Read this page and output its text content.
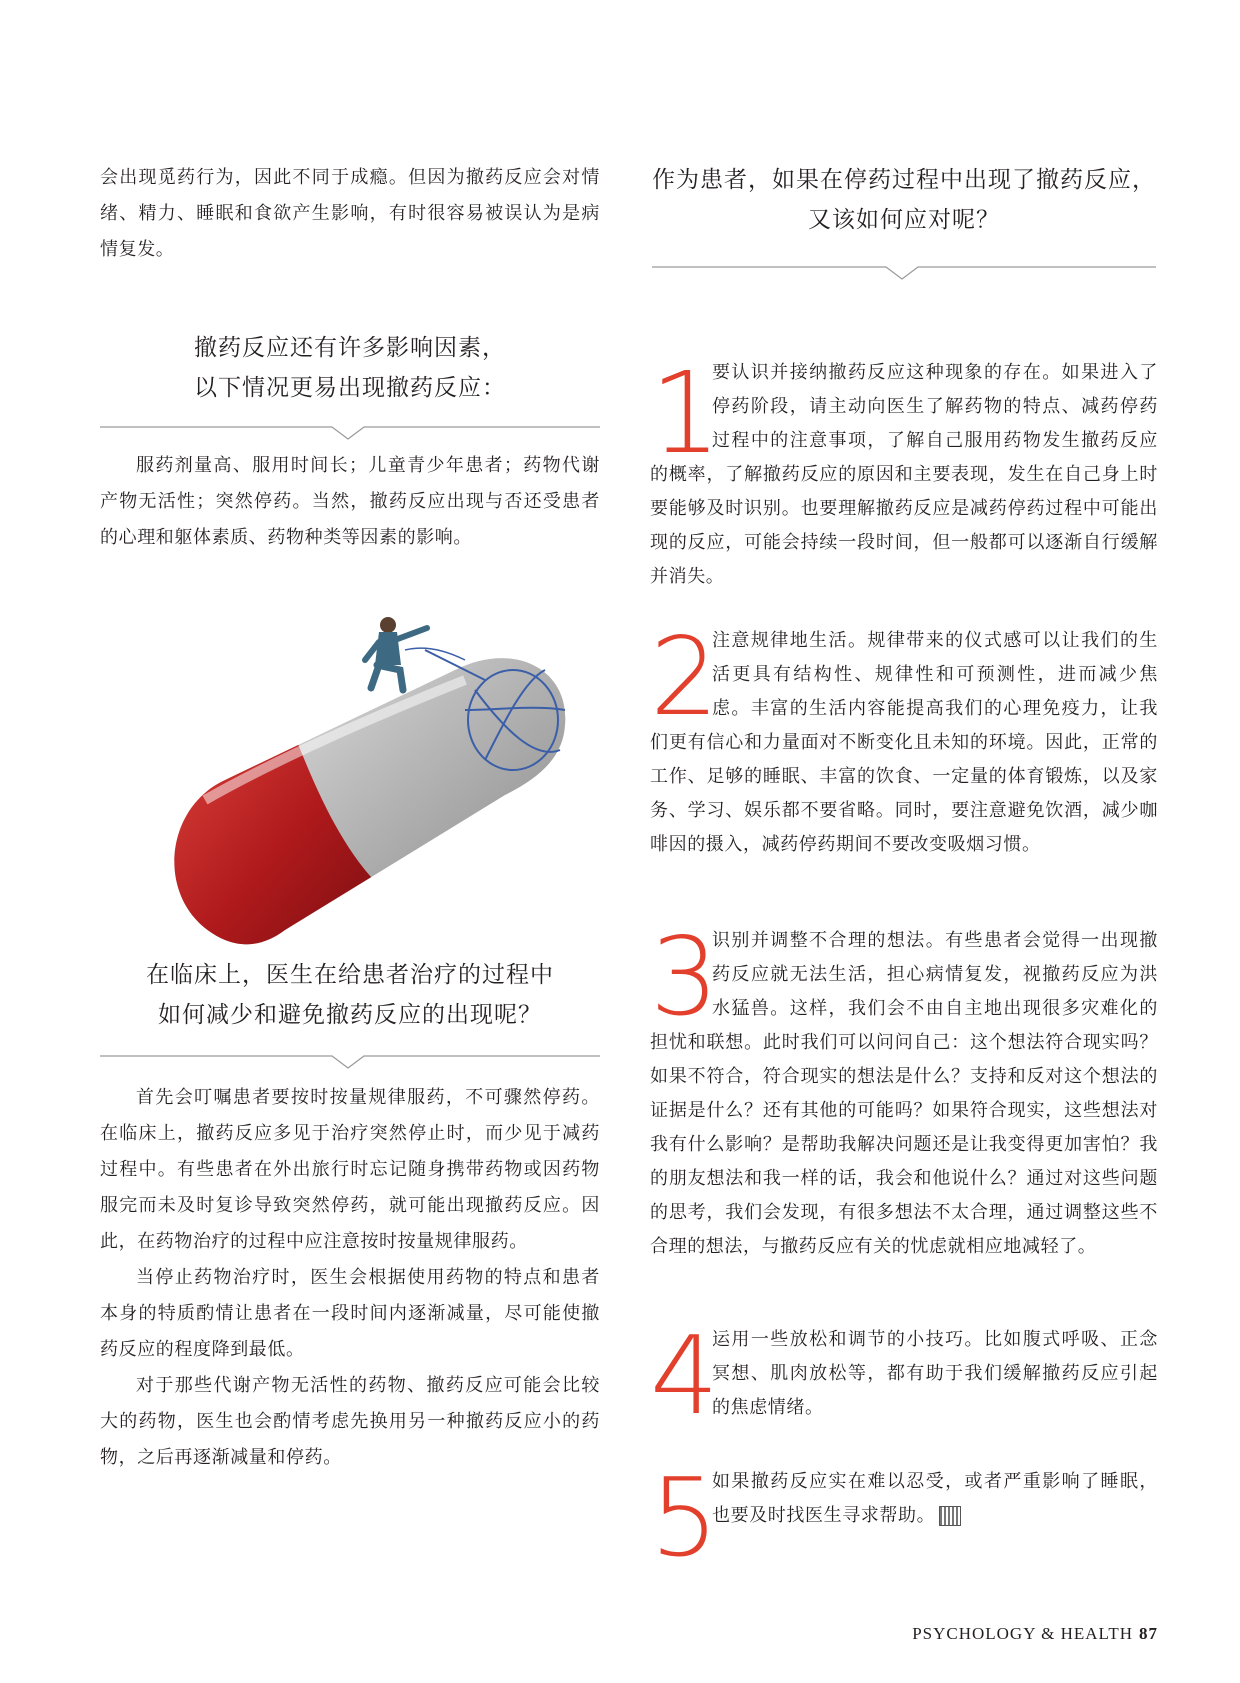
会出现觅药行为，因此不同于成瘾。但因为撤药反应会对情绪、精力、睡眠和食欲产生影响，有时很容易被误认为是病情复发。

撤药反应还有许多影响因素，
以下情况更易出现撤药反应：

服药剂量高、服用时间长；儿童青少年患者；药物代谢产物无活性；突然停药。当然，撤药反应出现与否还受患者的心理和躯体素质、药物种类等因素的影响。

在临床上，医生在给患者治疗的过程中
如何减少和避免撤药反应的出现呢？

首先会叮嘱患者要按时按量规律服药，不可骤然停药。在临床上，撤药反应多见于治疗突然停止时，而少见于减药过程中。有些患者在外出旅行时忘记随身携带药物或因药物服完而未及时复诊导致突然停药，就可能出现撤药反应。因此，在药物治疗的过程中应注意按时按量规律服药。

当停止药物治疗时，医生会根据使用药物的特点和患者本身的特质酌情让患者在一段时间内逐渐减量，尽可能使撤药反应的程度降到最低。

对于那些代谢产物无活性的药物、撤药反应可能会比较大的药物，医生也会酌情考虑先换用另一种撤药反应小的药物，之后再逐渐减量和停药。

作为患者，如果在停药过程中出现了撤药反应，
又该如何应对呢？
1

要认识并接纳撤药反应这种现象的存在。如果进入了停药阶段，请主动向医生了解药物的特点、减药停药过程中的注意事项，了解自己服用药物发生撤药反应的概率，了解撤药反应的原因和主要表现，发生在自己身上时要能够及时识别。也要理解撤药反应是减药停药过程中可能出现的反应，可能会持续一段时间，但一般都可以逐渐自行缓解并消失。

2

注意规律地生活。规律带来的仪式感可以让我们的生活更具有结构性、规律性和可预测性，进而减少焦虑。丰富的生活内容能提高我们的心理免疫力，让我们更有信心和力量面对不断变化且未知的环境。因此，正常的工作、足够的睡眠、丰富的饮食、一定量的体育锻炼，以及家务、学习、娱乐都不要省略。同时，要注意避免饮酒，减少咖啡因的摄入，减药停药期间不要改变吸烟习惯。

3

识别并调整不合理的想法。有些患者会觉得一出现撤药反应就无法生活，担心病情复发，视撤药反应为洪水猛兽。这样，我们会不由自主地出现很多灾难化的担忧和联想。此时我们可以问问自己：这个想法符合现实吗？如果不符合，符合现实的想法是什么？支持和反对这个想法的证据是什么？还有其他的可能吗？如果符合现实，这些想法对我有什么影响？是帮助我解决问题还是让我变得更加害怕？我的朋友想法和我一样的话，我会和他说什么？通过对这些问题的思考，我们会发现，有很多想法不太合理，通过调整这些不合理的想法，与撤药反应有关的忧虑就相应地减轻了。

4

运用一些放松和调节的小技巧。比如腹式呼吸、正念冥想、肌肉放松等，都有助于我们缓解撤药反应引起的焦虑情绪。

5

如果撤药反应实在难以忍受，或者严重影响了睡眠，也要及时找医生寻求帮助。

PSYCHOLOGY & HEALTH 87
